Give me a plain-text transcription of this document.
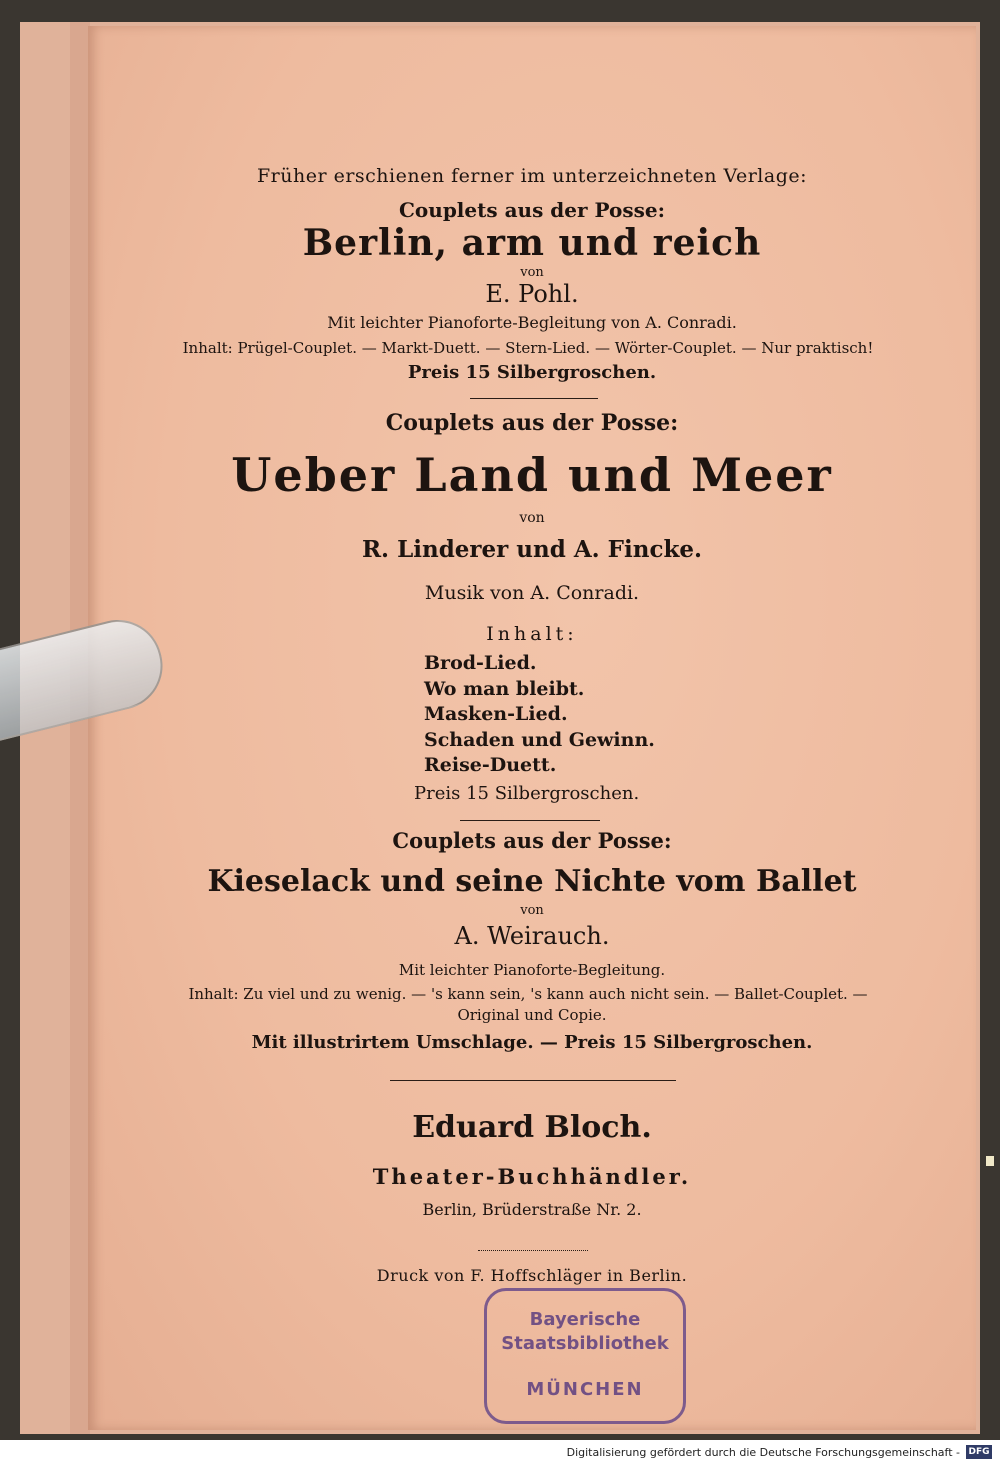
Früher erschienen ferner im unterzeichneten Verlage:
Couplets aus der Posse:
Berlin, arm und reich
von
E. Pohl.
Mit leichter Pianoforte-Begleitung von A. Conradi.
Inhalt: Prügel-Couplet. — Markt-Duett. — Stern-Lied. — Wörter-Couplet. — Nur praktisch!
Preis 15 Silbergroschen.
Couplets aus der Posse:
Ueber Land und Meer
von
R. Linderer und A. Fincke.
Musik von A. Conradi.
Inhalt:
Brod-Lied.
Wo man bleibt.
Masken-Lied.
Schaden und Gewinn.
Reise-Duett.
Preis 15 Silbergroschen.
Couplets aus der Posse:
Kieselack und seine Nichte vom Ballet
von
A. Weirauch.
Mit leichter Pianoforte-Begleitung.
Inhalt: Zu viel und zu wenig. — 's kann sein, 's kann auch nicht sein. — Ballet-Couplet. —
Original und Copie.
Mit illustrirtem Umschlage. — Preis 15 Silbergroschen.
Eduard Bloch.
Theater-Buchhändler.
Berlin, Brüderstraße Nr. 2.
Druck von F. Hoffschläger in Berlin.
Bayerische
Staatsbibliothek
MÜNCHEN
Digitalisierung gefördert durch die Deutsche Forschungsgemeinschaft - DFG
